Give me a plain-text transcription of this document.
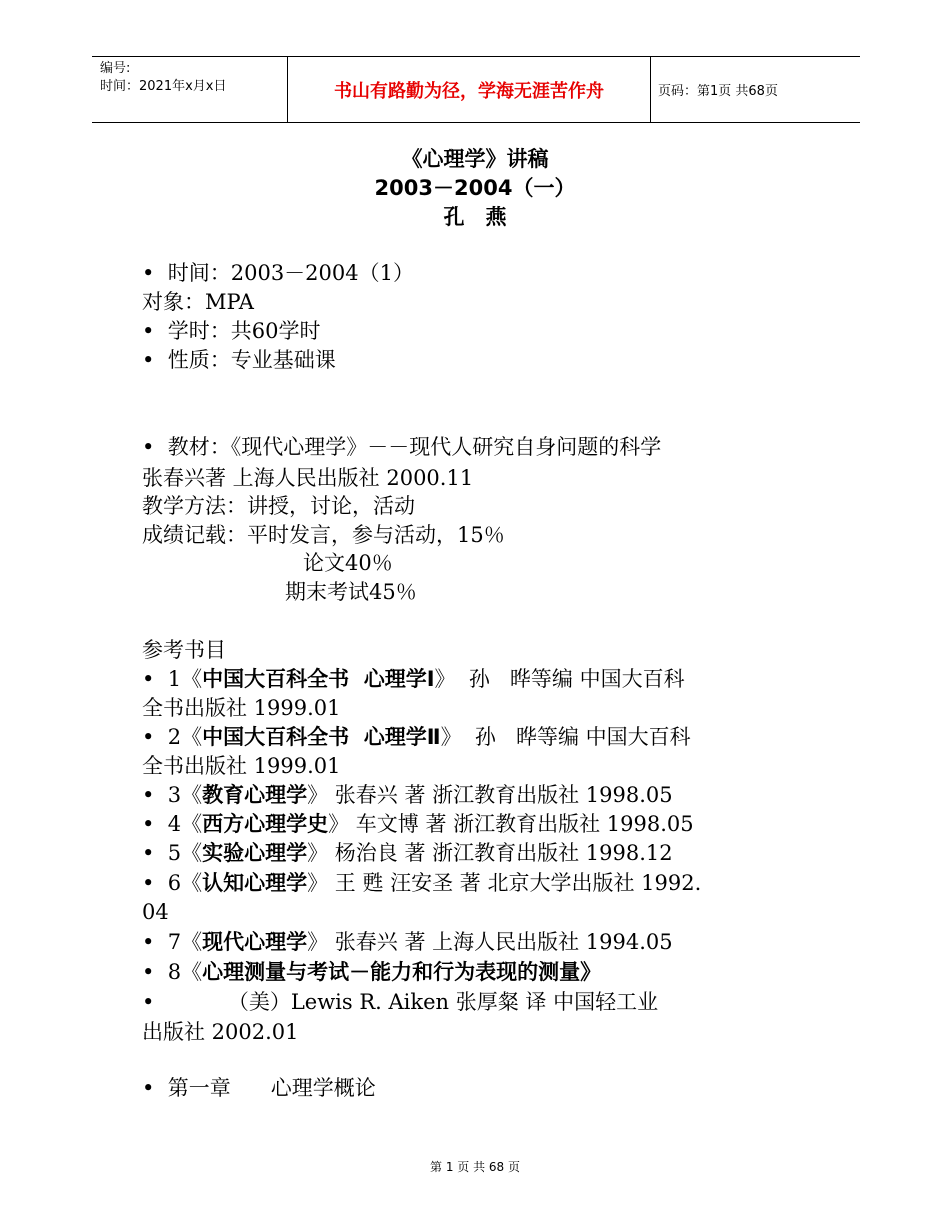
编号:
时间：2021年x月x日	书山有路勤为径，学海无涯苦作舟	页码：第1页 共68页
《心理学》讲稿
2003－2004（一）
孔　燕
•  时间：2003－2004（1）
对象：MPA
•  学时：共60学时
•  性质：专业基础课
•  教材：《现代心理学》－－现代人研究自身问题的科学
张春兴著 上海人民出版社 2000.11
教学方法：讲授，讨论，活动
成绩记载：平时发言，参与活动，15％
论文40％
期末考试45％
参考书目
•  1《中国大百科全书  心理学Ⅰ》  孙   晔等编 中国大百科
全书出版社 1999.01
•  2《中国大百科全书  心理学Ⅱ》  孙   晔等编 中国大百科
全书出版社 1999.01
•  3《教育心理学》 张春兴 著 浙江教育出版社 1998.05
•  4《西方心理学史》 车文博 著 浙江教育出版社 1998.05
•  5《实验心理学》 杨治良 著 浙江教育出版社 1998.12
•  6《认知心理学》 王 甦 汪安圣 著 北京大学出版社 1992.
04
•  7《现代心理学》 张春兴 著 上海人民出版社 1994.05
•  8《心理测量与考试－能力和行为表现的测量》
•           （美）Lewis R. Aiken 张厚粲 译 中国轻工业
出版社 2002.01
•  第一章      心理学概论
第 1 页 共 68 页
